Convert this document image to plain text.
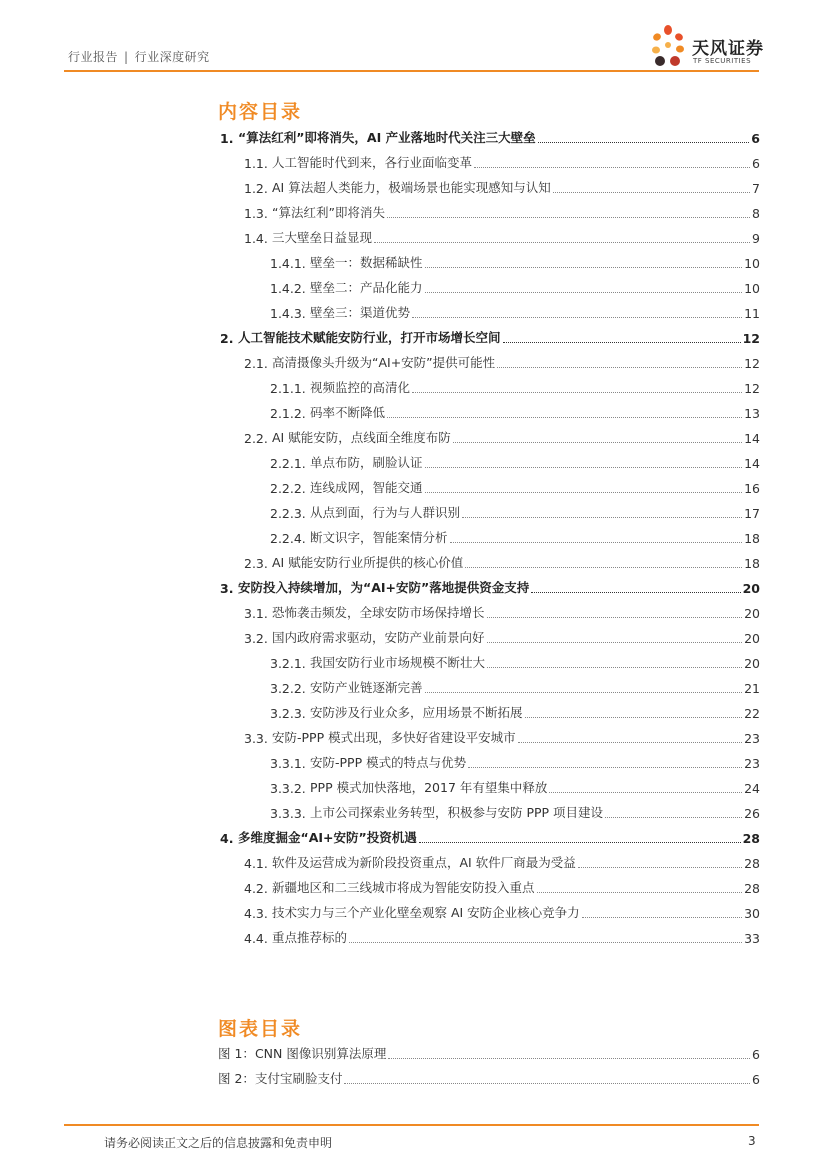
行业报告 | 行业深度研究	天风证券
TF SECURITIES
内容目录
1. “算法红利”即将消失，AI 产业落地时代关注三大壁垒	6
1.1. 人工智能时代到来，各行业面临变革	6
1.2. AI 算法超人类能力，极端场景也能实现感知与认知	7
1.3. “算法红利”即将消失	8
1.4. 三大壁垒日益显现	9
1.4.1. 壁垒一：数据稀缺性	10
1.4.2. 壁垒二：产品化能力	10
1.4.3. 壁垒三：渠道优势	11
2. 人工智能技术赋能安防行业，打开市场增长空间	12
2.1. 高清摄像头升级为“AI+安防”提供可能性	12
2.1.1. 视频监控的高清化	12
2.1.2. 码率不断降低	13
2.2. AI 赋能安防，点线面全维度布防	14
2.2.1. 单点布防，刷脸认证	14
2.2.2. 连线成网，智能交通	16
2.2.3. 从点到面，行为与人群识别	17
2.2.4. 断文识字，智能案情分析	18
2.3. AI 赋能安防行业所提供的核心价值	18
3. 安防投入持续增加，为“AI+安防”落地提供资金支持	20
3.1. 恐怖袭击频发，全球安防市场保持增长	20
3.2. 国内政府需求驱动，安防产业前景向好	20
3.2.1. 我国安防行业市场规模不断壮大	20
3.2.2. 安防产业链逐渐完善	21
3.2.3. 安防涉及行业众多，应用场景不断拓展	22
3.3. 安防-PPP 模式出现，多快好省建设平安城市	23
3.3.1. 安防-PPP 模式的特点与优势	23
3.3.2. PPP 模式加快落地，2017 年有望集中释放	24
3.3.3. 上市公司探索业务转型，积极参与安防 PPP 项目建设	26
4. 多维度掘金“AI+安防”投资机遇	28
4.1. 软件及运营成为新阶段投资重点，AI 软件厂商最为受益	28
4.2. 新疆地区和二三线城市将成为智能安防投入重点	28
4.3. 技术实力与三个产业化壁垒观察 AI 安防企业核心竞争力	30
4.4. 重点推荐标的	33
图表目录
图 1： CNN 图像识别算法原理	6
图 2： 支付宝刷脸支付	6
请务必阅读正文之后的信息披露和免责申明	3
